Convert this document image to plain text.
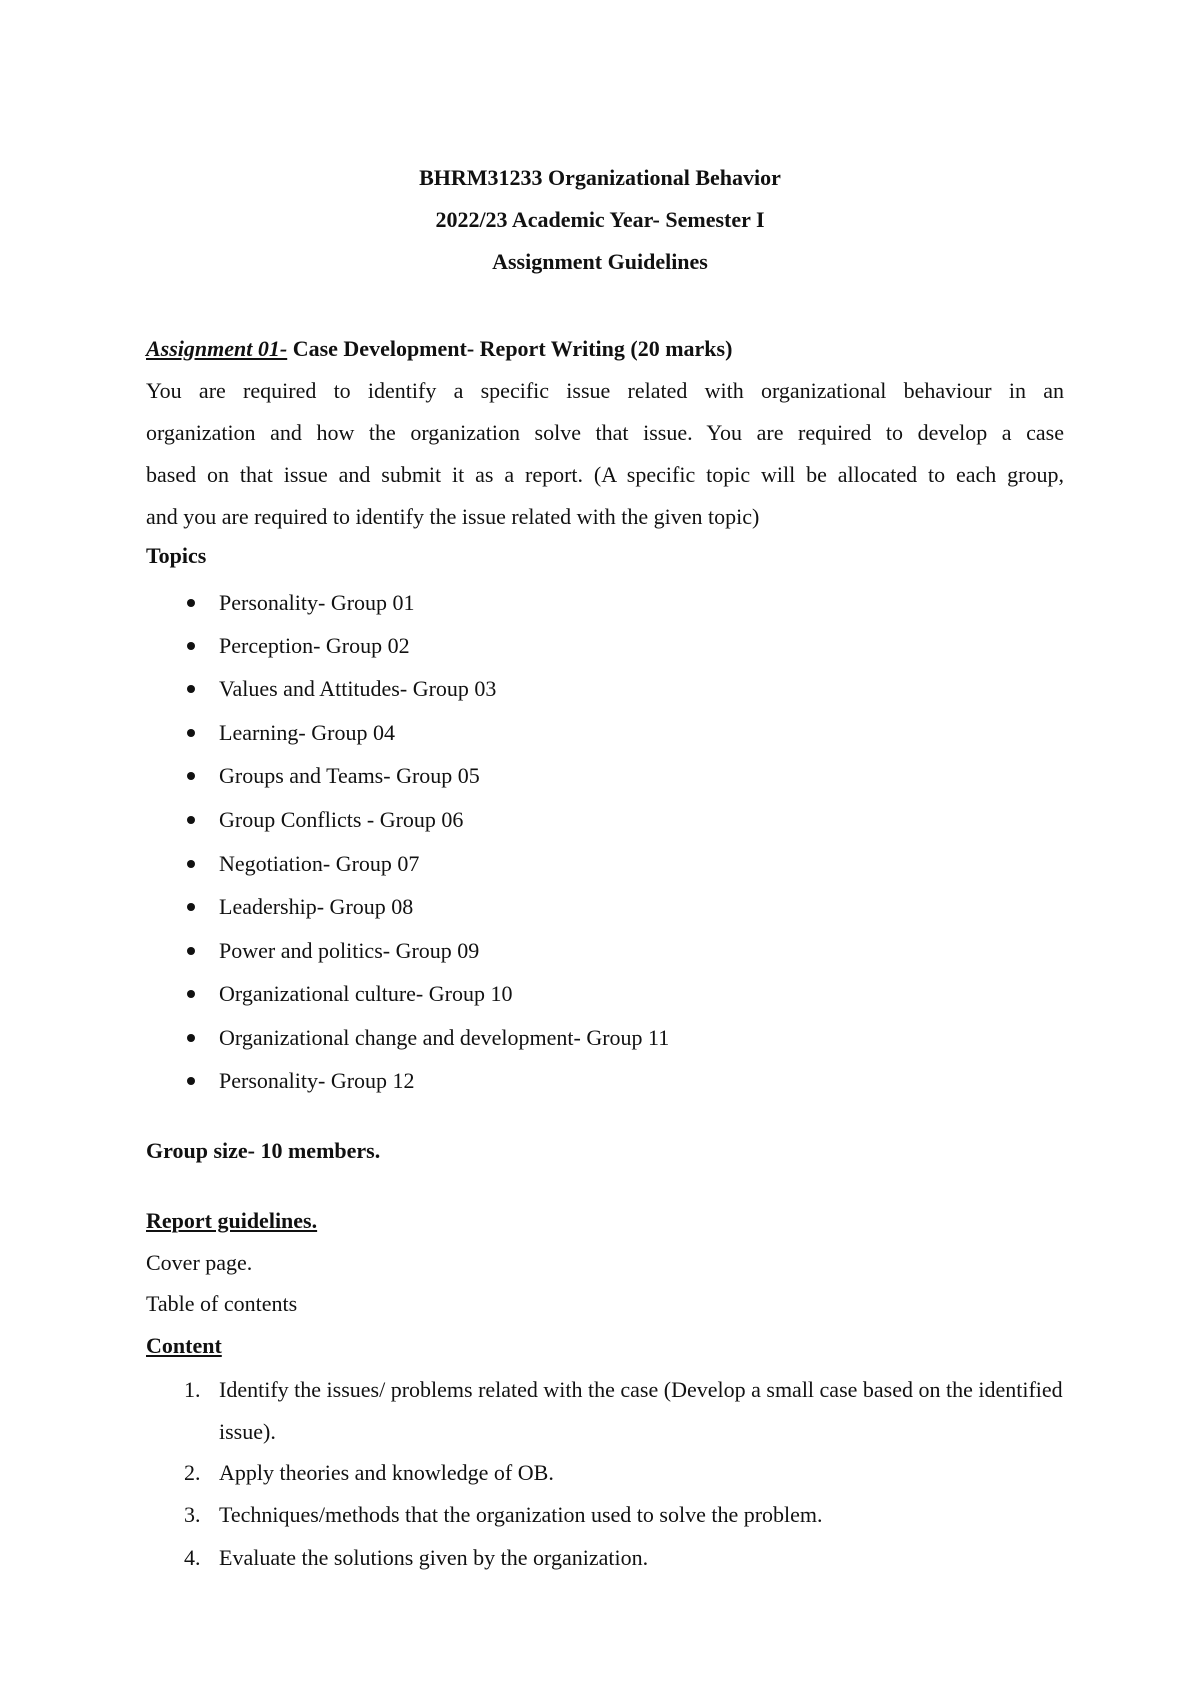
BHRM31233 Organizational Behavior
2022/23 Academic Year- Semester I
Assignment Guidelines
Assignment 01- Case Development- Report Writing (20 marks)
You are required to identify a specific issue related with organizational behaviour in an
organization and how the organization solve that issue. You are required to develop a case
based on that issue and submit it as a report. (A specific topic will be allocated to each group,
and you are required to identify the issue related with the given topic)
Topics
Personality- Group 01
Perception- Group 02
Values and Attitudes- Group 03
Learning- Group 04
Groups and Teams- Group 05
Group Conflicts - Group 06
Negotiation- Group 07
Leadership- Group 08
Power and politics- Group 09
Organizational culture- Group 10
Organizational change and development- Group 11
Personality- Group 12
Group size- 10 members.
Report guidelines.
Cover page.
Table of contents
Content
1. Identify the issues/ problems related with the case (Develop a small case based on the identified issue).
2. Apply theories and knowledge of OB.
3. Techniques/methods that the organization used to solve the problem.
4. Evaluate the solutions given by the organization.
